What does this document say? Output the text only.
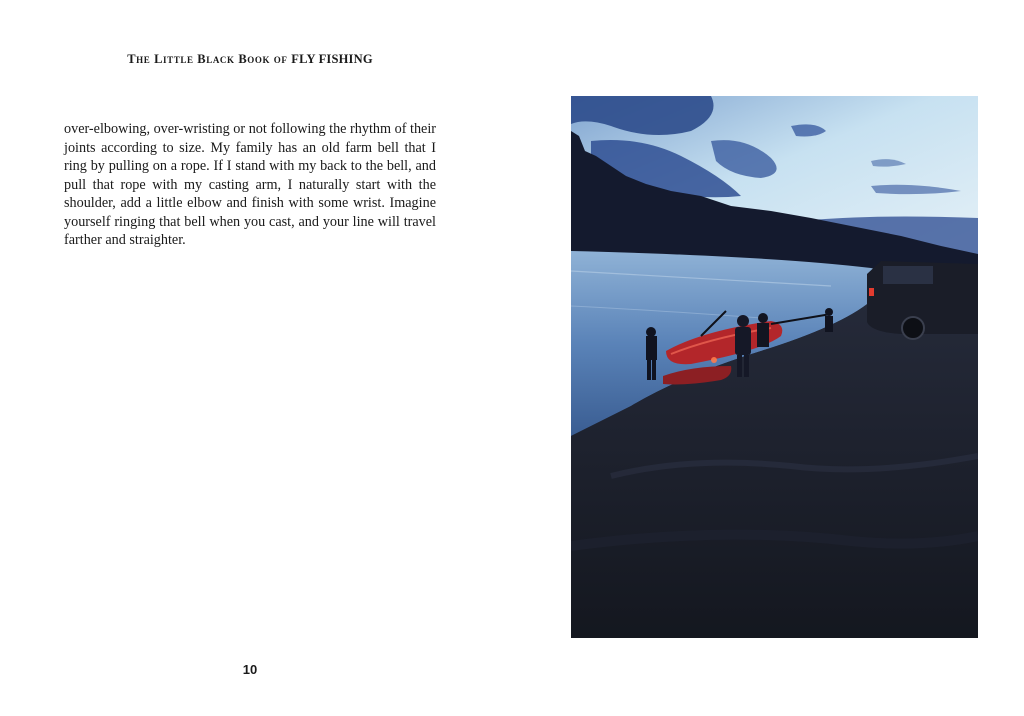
The Little Black Book of FLY FISHING

over-elbowing, over-wristing or not following the rhythm of their joints according to size. My family has an old farm bell that I ring by pulling on a rope. If I stand with my back to the bell, and pull that rope with my casting arm, I naturally start with the shoulder, add a little elbow and finish with some wrist. Imagine yourself ringing that bell when you cast, and your line will travel farther and straighter.

10
